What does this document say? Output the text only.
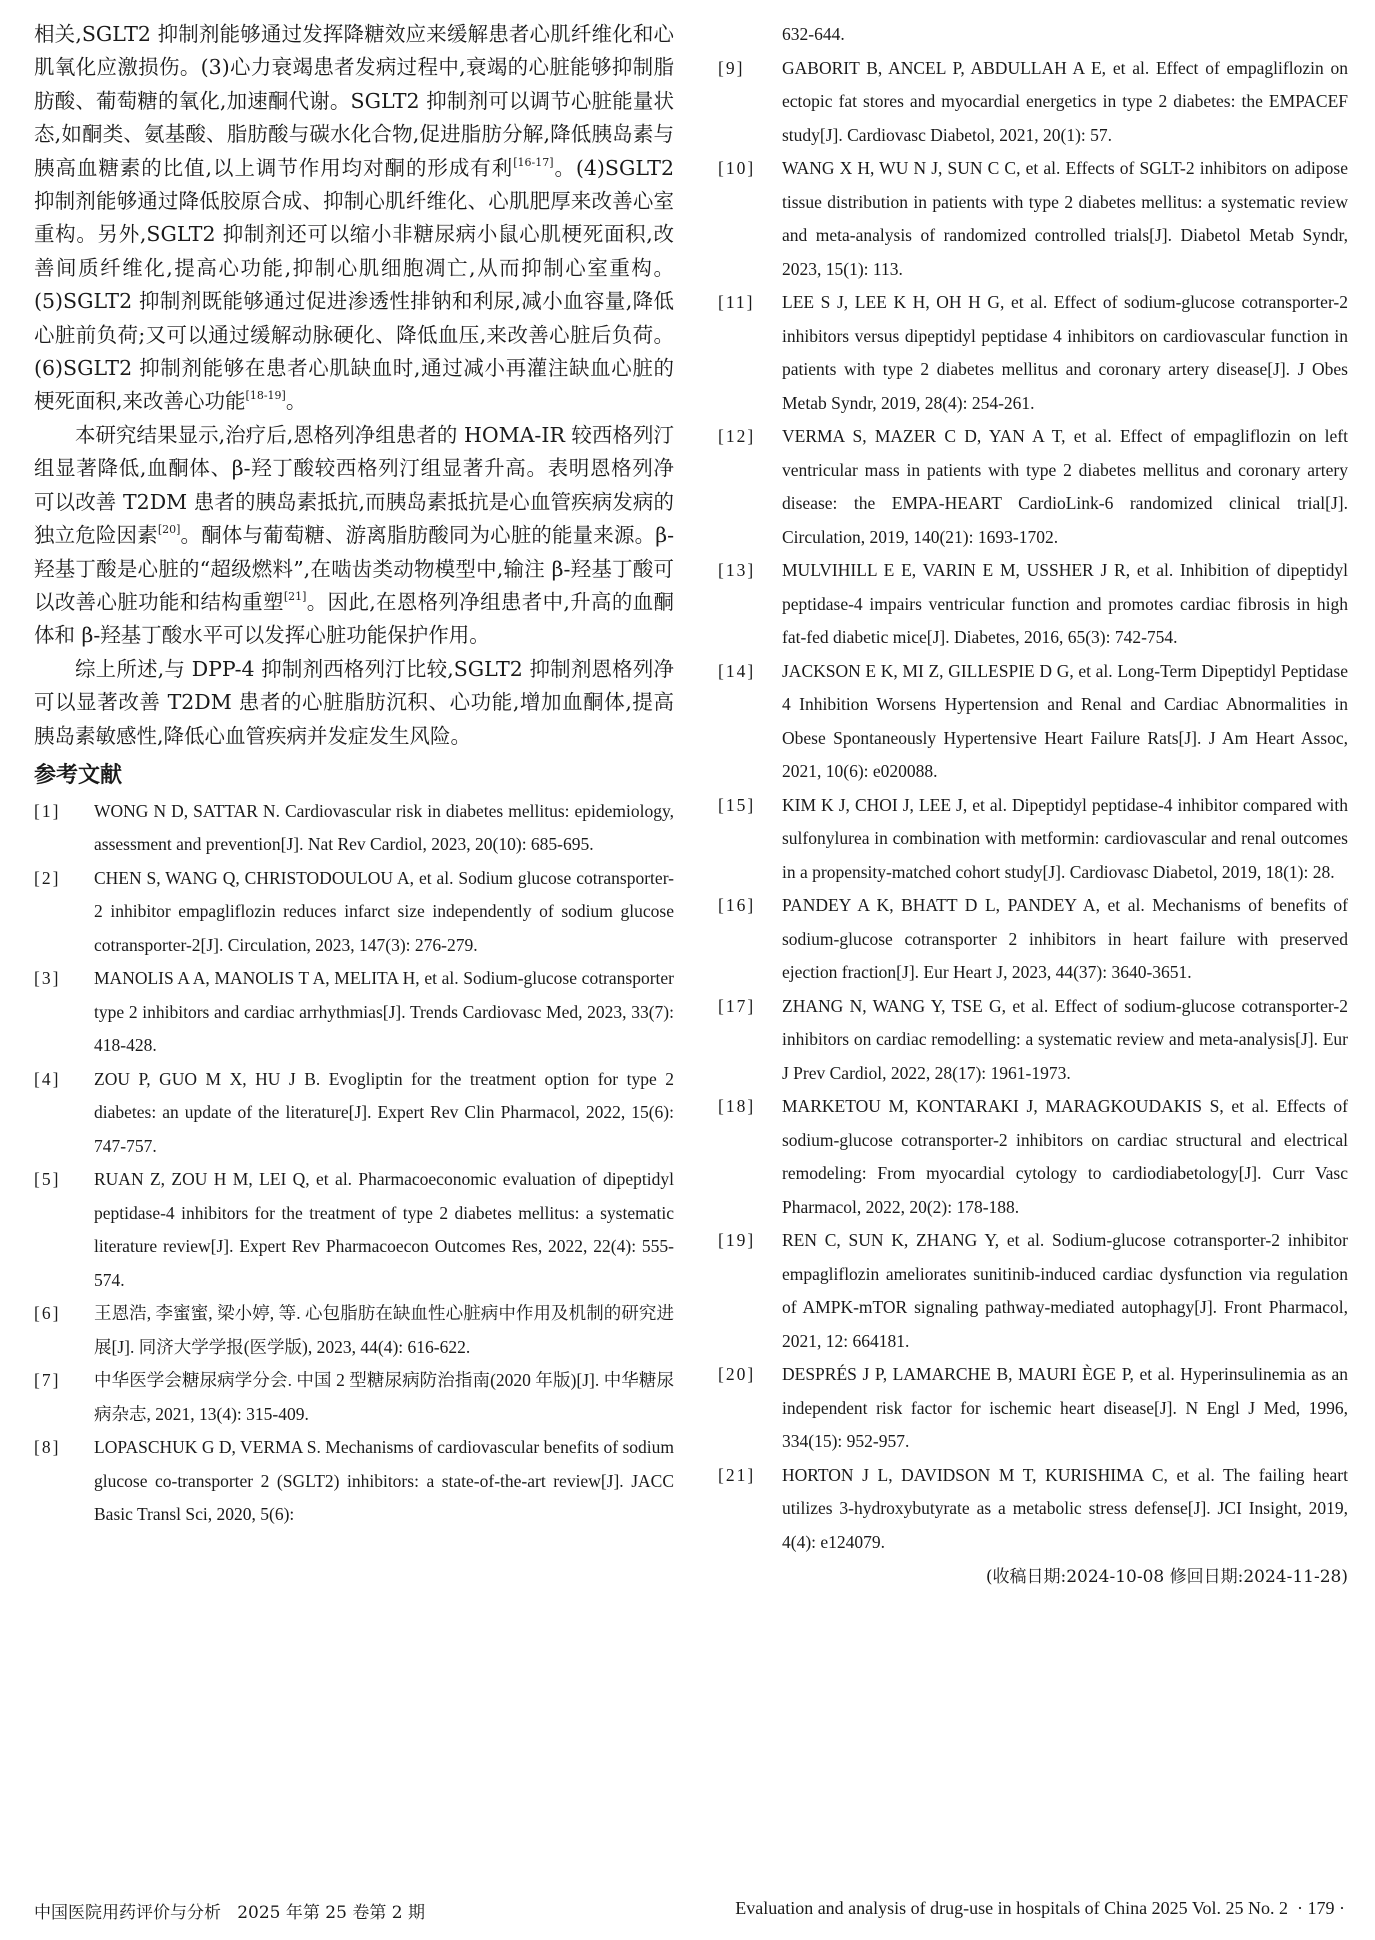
相关,SGLT2 抑制剂能够通过发挥降糖效应来缓解患者心肌纤维化和心肌氧化应激损伤。(3)心力衰竭患者发病过程中,衰竭的心脏能够抑制脂肪酸、葡萄糖的氧化,加速酮代谢。SGLT2 抑制剂可以调节心脏能量状态,如酮类、氨基酸、脂肪酸与碳水化合物,促进脂肪分解,降低胰岛素与胰高血糖素的比值,以上调节作用均对酮的形成有利[16-17]。(4)SGLT2 抑制剂能够通过降低胶原合成、抑制心肌纤维化、心肌肥厚来改善心室重构。另外,SGLT2 抑制剂还可以缩小非糖尿病小鼠心肌梗死面积,改善间质纤维化,提高心功能,抑制心肌细胞凋亡,从而抑制心室重构。(5)SGLT2 抑制剂既能够通过促进渗透性排钠和利尿,减小血容量,降低心脏前负荷;又可以通过缓解动脉硬化、降低血压,来改善心脏后负荷。(6)SGLT2 抑制剂能够在患者心肌缺血时,通过减小再灌注缺血心脏的梗死面积,来改善心功能[18-19]。

本研究结果显示,治疗后,恩格列净组患者的 HOMA-IR 较西格列汀组显著降低,血酮体、β-羟丁酸较西格列汀组显著升高。表明恩格列净可以改善 T2DM 患者的胰岛素抵抗,而胰岛素抵抗是心血管疾病发病的独立危险因素[20]。酮体与葡萄糖、游离脂肪酸同为心脏的能量来源。β-羟基丁酸是心脏的“超级燃料”,在啮齿类动物模型中,输注 β-羟基丁酸可以改善心脏功能和结构重塑[21]。因此,在恩格列净组患者中,升高的血酮体和 β-羟基丁酸水平可以发挥心脏功能保护作用。

综上所述,与 DPP-4 抑制剂西格列汀比较,SGLT2 抑制剂恩格列净可以显著改善 T2DM 患者的心脏脂肪沉积、心功能,增加血酮体,提高胰岛素敏感性,降低心血管疾病并发症发生风险。

参考文献
[1] WONG N D, SATTAR N. Cardiovascular risk in diabetes mellitus: epidemiology, assessment and prevention[J]. Nat Rev Cardiol, 2023, 20(10): 685-695.

[2] CHEN S, WANG Q, CHRISTODOULOU A, et al. Sodium glucose cotransporter-2 inhibitor empagliflozin reduces infarct size independently of sodium glucose cotransporter-2[J]. Circulation, 2023, 147(3): 276-279.

[3] MANOLIS A A, MANOLIS T A, MELITA H, et al. Sodium-glucose cotransporter type 2 inhibitors and cardiac arrhythmias[J]. Trends Cardiovasc Med, 2023, 33(7): 418-428.

[4] ZOU P, GUO M X, HU J B. Evogliptin for the treatment option for type 2 diabetes: an update of the literature[J]. Expert Rev Clin Pharmacol, 2022, 15(6): 747-757.

[5] RUAN Z, ZOU H M, LEI Q, et al. Pharmacoeconomic evaluation of dipeptidyl peptidase-4 inhibitors for the treatment of type 2 diabetes mellitus: a systematic literature review[J]. Expert Rev Pharmacoecon Outcomes Res, 2022, 22(4): 555-574.

[6] 王恩浩, 李蜜蜜, 梁小婷, 等. 心包脂肪在缺血性心脏病中作用及机制的研究进展[J]. 同济大学学报(医学版), 2023, 44(4): 616-622.

[7] 中华医学会糖尿病学分会. 中国 2 型糖尿病防治指南(2020 年版)[J]. 中华糖尿病杂志, 2021, 13(4): 315-409.

[8] LOPASCHUK G D, VERMA S. Mechanisms of cardiovascular benefits of sodium glucose co-transporter 2 (SGLT2) inhibitors: a state-of-the-art review[J]. JACC Basic Transl Sci, 2020, 5(6):

632-644.

[9] GABORIT B, ANCEL P, ABDULLAH A E, et al. Effect of empagliflozin on ectopic fat stores and myocardial energetics in type 2 diabetes: the EMPACEF study[J]. Cardiovasc Diabetol, 2021, 20(1): 57.

[10] WANG X H, WU N J, SUN C C, et al. Effects of SGLT-2 inhibitors on adipose tissue distribution in patients with type 2 diabetes mellitus: a systematic review and meta-analysis of randomized controlled trials[J]. Diabetol Metab Syndr, 2023, 15(1): 113.

[11] LEE S J, LEE K H, OH H G, et al. Effect of sodium-glucose cotransporter-2 inhibitors versus dipeptidyl peptidase 4 inhibitors on cardiovascular function in patients with type 2 diabetes mellitus and coronary artery disease[J]. J Obes Metab Syndr, 2019, 28(4): 254-261.

[12] VERMA S, MAZER C D, YAN A T, et al. Effect of empagliflozin on left ventricular mass in patients with type 2 diabetes mellitus and coronary artery disease: the EMPA-HEART CardioLink-6 randomized clinical trial[J]. Circulation, 2019, 140(21): 1693-1702.

[13] MULVIHILL E E, VARIN E M, USSHER J R, et al. Inhibition of dipeptidyl peptidase-4 impairs ventricular function and promotes cardiac fibrosis in high fat-fed diabetic mice[J]. Diabetes, 2016, 65(3): 742-754.

[14] JACKSON E K, MI Z, GILLESPIE D G, et al. Long-Term Dipeptidyl Peptidase 4 Inhibition Worsens Hypertension and Renal and Cardiac Abnormalities in Obese Spontaneously Hypertensive Heart Failure Rats[J]. J Am Heart Assoc, 2021, 10(6): e020088.

[15] KIM K J, CHOI J, LEE J, et al. Dipeptidyl peptidase-4 inhibitor compared with sulfonylurea in combination with metformin: cardiovascular and renal outcomes in a propensity-matched cohort study[J]. Cardiovasc Diabetol, 2019, 18(1): 28.

[16] PANDEY A K, BHATT D L, PANDEY A, et al. Mechanisms of benefits of sodium-glucose cotransporter 2 inhibitors in heart failure with preserved ejection fraction[J]. Eur Heart J, 2023, 44(37): 3640-3651.

[17] ZHANG N, WANG Y, TSE G, et al. Effect of sodium-glucose cotransporter-2 inhibitors on cardiac remodelling: a systematic review and meta-analysis[J]. Eur J Prev Cardiol, 2022, 28(17): 1961-1973.

[18] MARKETOU M, KONTARAKI J, MARAGKOUDAKIS S, et al. Effects of sodium-glucose cotransporter-2 inhibitors on cardiac structural and electrical remodeling: From myocardial cytology to cardiodiabetology[J]. Curr Vasc Pharmacol, 2022, 20(2): 178-188.

[19] REN C, SUN K, ZHANG Y, et al. Sodium-glucose cotransporter-2 inhibitor empagliflozin ameliorates sunitinib-induced cardiac dysfunction via regulation of AMPK-mTOR signaling pathway-mediated autophagy[J]. Front Pharmacol, 2021, 12: 664181.

[20] DESPRÉS J P, LAMARCHE B, MAURI ÈGE P, et al. Hyperinsulinemia as an independent risk factor for ischemic heart disease[J]. N Engl J Med, 1996, 334(15): 952-957.

[21] HORTON J L, DAVIDSON M T, KURISHIMA C, et al. The failing heart utilizes 3-hydroxybutyrate as a metabolic stress defense[J]. JCI Insight, 2019, 4(4): e124079.

(收稿日期:2024-10-08 修回日期:2024-11-28)

中国医院用药评价与分析   2025 年第 25 卷第 2 期	Evaluation and analysis of drug-use in hospitals of China 2025 Vol. 25 No. 2  · 179 ·
